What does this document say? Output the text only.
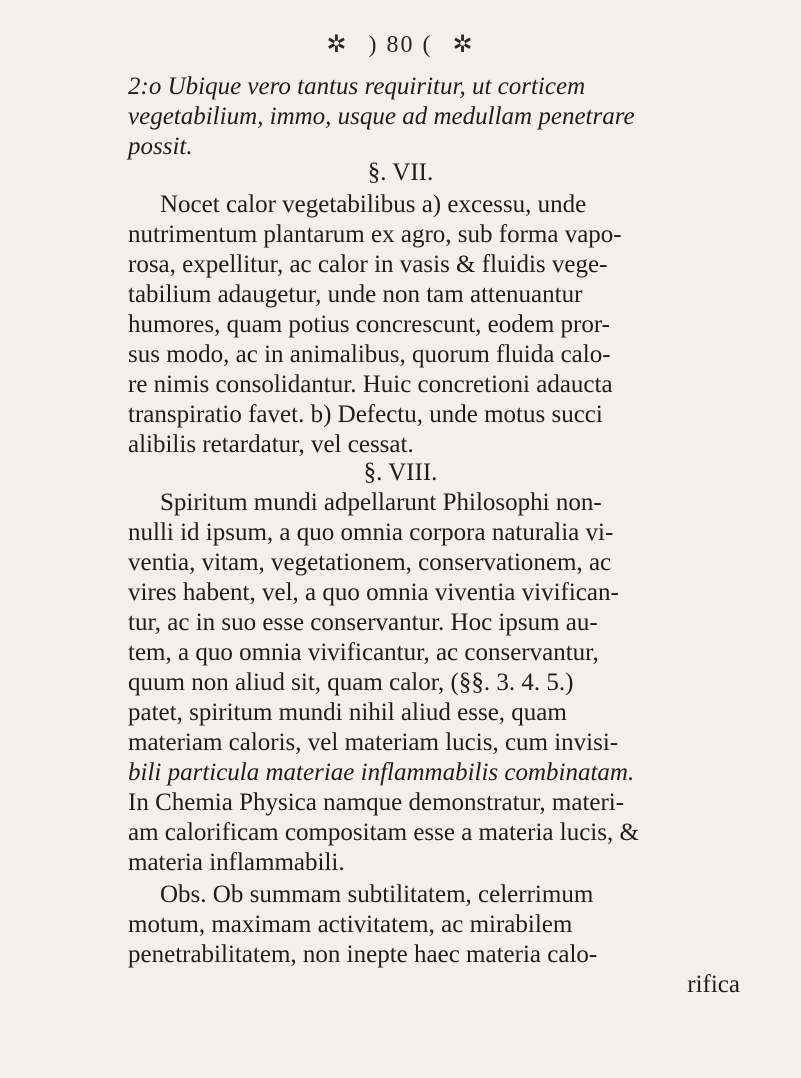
✲ ) 80 ( ✲
2:o Ubique vero tantus requiritur, ut corticem
vegetabilium, immo, usque ad medullam penetrare
possit.
§. VII.
Nocet calor vegetabilibus a) excessu, unde
nutrimentum plantarum ex agro, sub forma vapo-
rosa, expellitur, ac calor in vasis & fluidis vege-
tabilium adaugetur, unde non tam attenuantur
humores, quam potius concrescunt, eodem pror-
sus modo, ac in animalibus, quorum fluida calo-
re nimis consolidantur. Huic concretioni adaucta
transpiratio favet. b) Defectu, unde motus succi
alibilis retardatur, vel cessat.
§. VIII.
Spiritum mundi adpellarunt Philosophi non-
nulli id ipsum, a quo omnia corpora naturalia vi-
ventia, vitam, vegetationem, conservationem, ac
vires habent, vel, a quo omnia viventia vivifican-
tur, ac in suo esse conservantur. Hoc ipsum au-
tem, a quo omnia vivificantur, ac conservantur,
quum non aliud sit, quam calor, (§§. 3. 4. 5.)
patet, spiritum mundi nihil aliud esse, quam
materiam caloris, vel materiam lucis, cum invisi-
bili particula materiae inflammabilis combinatam.
In Chemia Physica namque demonstratur, materi-
am calorificam compositam esse a materia lucis, &
materia inflammabili.
Obs. Ob summam subtilitatem, celerrimum
motum, maximam activitatem, ac mirabilem
penetrabilitatem, non inepte haec materia calo-
rifica
